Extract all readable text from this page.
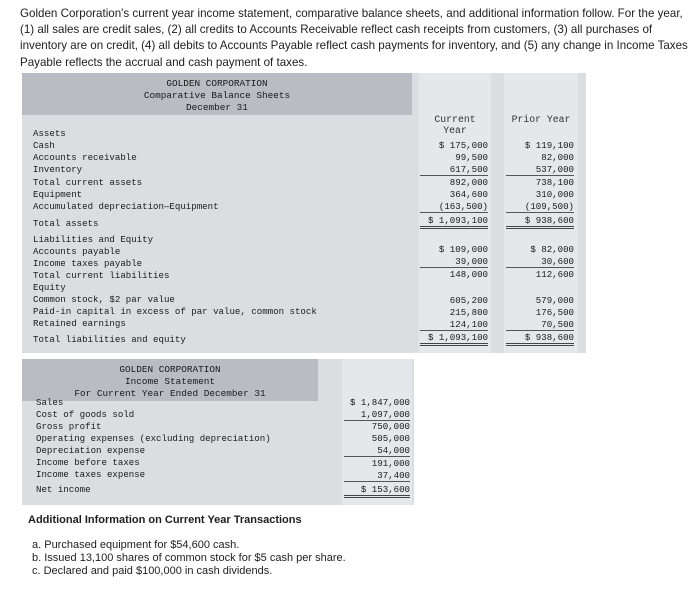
Golden Corporation's current year income statement, comparative balance sheets, and additional information follow. For the year, (1) all sales are credit sales, (2) all credits to Accounts Receivable reflect cash receipts from customers, (3) all purchases of inventory are on credit, (4) all debits to Accounts Payable reflect cash payments for inventory, and (5) any change in Income Taxes Payable reflects the accrual and cash payment of taxes.
GOLDEN CORPORATION
Comparative Balance Sheets
December 31
Current Year
Prior Year
Assets
Cash
Accounts receivable
Inventory
Total current assets
Equipment
Accumulated depreciation—Equipment
Total assets
Liabilities and Equity
Accounts payable
Income taxes payable
Total current liabilities
Equity
Common stock, $2 par value
Paid-in capital in excess of par value, common stock
Retained earnings
Total liabilities and equity
$ 175,000
99,500
617,500
892,000
364,600
(163,500)
$ 1,093,100
$ 109,000
39,000
148,000
605,200
215,800
124,100
$ 1,093,100
$ 119,100
82,000
537,000
738,100
310,000
(109,500)
$ 938,600
$ 82,000
30,600
112,600
579,000
176,500
70,500
$ 938,600
GOLDEN CORPORATION
Income Statement
For Current Year Ended December 31
Sales
Cost of goods sold
Gross profit
Operating expenses (excluding depreciation)
Depreciation expense
Income before taxes
Income taxes expense
Net income
$ 1,847,000
1,097,000
750,000
505,000
54,000
191,000
37,400
$ 153,600
Additional Information on Current Year Transactions
a. Purchased equipment for $54,600 cash.
b. Issued 13,100 shares of common stock for $5 cash per share.
c. Declared and paid $100,000 in cash dividends.
